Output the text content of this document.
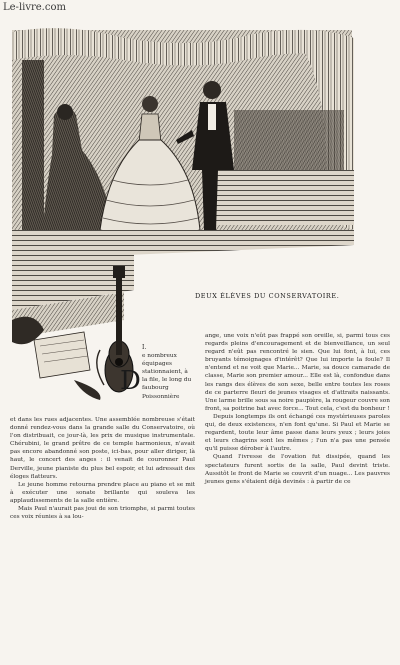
Le-livre.com
DEUX ÉLÈVES DU CONSERVATOIRE.

I.

e nombreux équipages stationnaient, à la file, le long du faubourg Poissonnière

D

et dans les rues adjacentes. Une assemblée nombreuse s'était donné rendez-vous dans la grande salle du Conservatoire, où l'on distribuait, ce jour-là, les prix de musique instrumentale. Chérubini, le grand prêtre de ce temple harmonieux, n'avait pas encore abandonné son poste, ici-bas, pour aller diriger, là haut, le concert des anges : il venait de couronner Paul Derville, jeune pianiste du plus bel espoir, et lui adressait des éloges flatteurs.

Le jeune homme retourna prendre place au piano et se mit à exécuter une sonate brillante qui souleva les applaudissements de la salle entière.

Mais Paul n'aurait pas joui de son triomphe, si parmi toutes ces voix réunies à sa lou-

ange, une voix n'eût pas frappé son oreille, si, parmi tous ces regards pleins d'encouragement et de bienveillance, un seul regard n'eût pas rencontré le sien. Que lui font, à lui, ces bruyants témoignages d'intérêt? Que lui importe la foule? Il n'entend et ne voit que Marie... Marie, sa douce camarade de classe, Marie son premier amour... Elle est là, confondue dans les rangs des élèves de son sexe, belle entre toutes les roses de ce parterre fleuri de jeunes visages et d'attraits naissants. Une larme brille sous sa noire paupière, la rougeur couvre son front, sa poitrine bat avec force... Tout cela, c'est du bonheur !

Depuis longtemps ils ont échangé ces mystérieuses paroles qui, de deux existences, n'en font qu'une. Si Paul et Marie se regardent, toute leur âme passe dans leurs yeux ; leurs joies et leurs chagrins sont les mêmes ; l'un n'a pas une pensée qu'il puisse dérober à l'autre.

Quand l'ivresse de l'ovation fut dissipée, quand les spectateurs furent sortis de la salle, Paul devint triste. Aussitôt le front de Marie se couvrit d'un nuage... Les pauvres jeunes gens s'étaient déjà devinés : à partir de ce
